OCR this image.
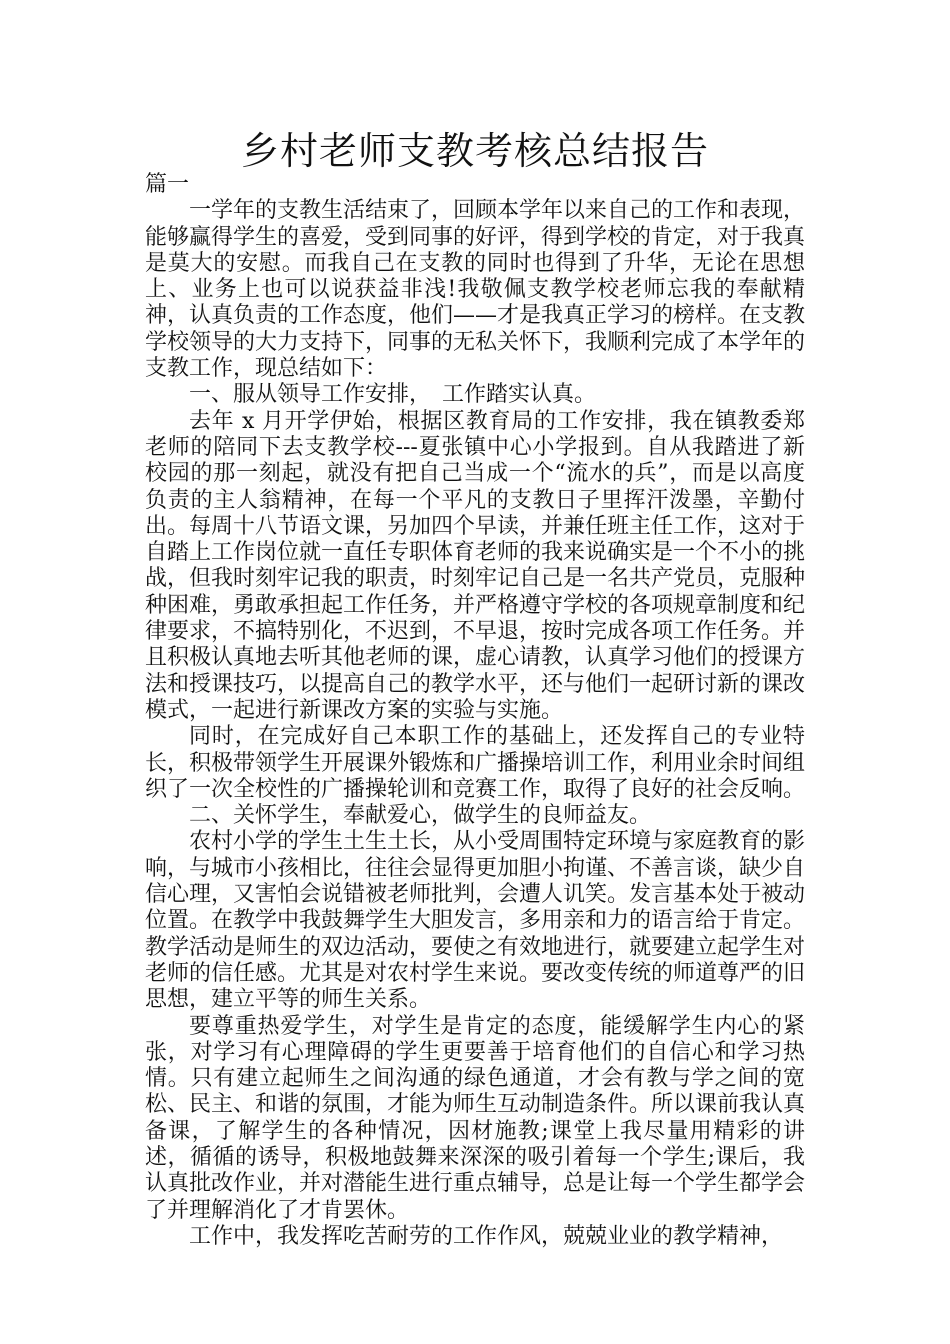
乡村老师支教考核总结报告

篇一

一学年的支教生活结束了，回顾本学年以来自己的工作和表现，能够赢得学生的喜爱，受到同事的好评，得到学校的肯定，对于我真是莫大的安慰。而我自己在支教的同时也得到了升华，无论在思想上、业务上也可以说获益非浅!我敬佩支教学校老师忘我的奉献精神，认真负责的工作态度，他们——才是我真正学习的榜样。在支教学校领导的大力支持下，同事的无私关怀下，我顺利完成了本学年的支教工作，现总结如下：

一、服从领导工作安排，　工作踏实认真。

去年 x 月开学伊始，根据区教育局的工作安排，我在镇教委郑老师的陪同下去支教学校---夏张镇中心小学报到。自从我踏进了新校园的那一刻起，就没有把自己当成一个“流水的兵”，而是以高度负责的主人翁精神，在每一个平凡的支教日子里挥汗泼墨，辛勤付出。每周十八节语文课，另加四个早读，并兼任班主任工作，这对于自踏上工作岗位就一直任专职体育老师的我来说确实是一个不小的挑战，但我时刻牢记我的职责，时刻牢记自己是一名共产党员，克服种种困难，勇敢承担起工作任务，并严格遵守学校的各项规章制度和纪律要求，不搞特别化，不迟到，不早退，按时完成各项工作任务。并且积极认真地去听其他老师的课，虚心请教，认真学习他们的授课方法和授课技巧，以提高自己的教学水平，还与他们一起研讨新的课改模式，一起进行新课改方案的实验与实施。

同时，在完成好自己本职工作的基础上，还发挥自己的专业特长，积极带领学生开展课外锻炼和广播操培训工作，利用业余时间组织了一次全校性的广播操轮训和竞赛工作，取得了良好的社会反响。

二、关怀学生，奉献爱心，做学生的良师益友。

农村小学的学生土生土长，从小受周围特定环境与家庭教育的影响，与城市小孩相比，往往会显得更加胆小拘谨、不善言谈，缺少自信心理，又害怕会说错被老师批判，会遭人讥笑。发言基本处于被动位置。在教学中我鼓舞学生大胆发言，多用亲和力的语言给于肯定。教学活动是师生的双边活动，要使之有效地进行，就要建立起学生对老师的信任感。尤其是对农村学生来说。要改变传统的师道尊严的旧思想，建立平等的师生关系。

要尊重热爱学生，对学生是肯定的态度，能缓解学生内心的紧张，对学习有心理障碍的学生更要善于培育他们的自信心和学习热情。只有建立起师生之间沟通的绿色通道，才会有教与学之间的宽松、民主、和谐的氛围，才能为师生互动制造条件。所以课前我认真备课，了解学生的各种情况，因材施教;课堂上我尽量用精彩的讲述，循循的诱导，积极地鼓舞来深深的吸引着每一个学生;课后，我认真批改作业，并对潜能生进行重点辅导，总是让每一个学生都学会了并理解消化了才肯罢休。

工作中，我发挥吃苦耐劳的工作作风，兢兢业业的教学精神，
